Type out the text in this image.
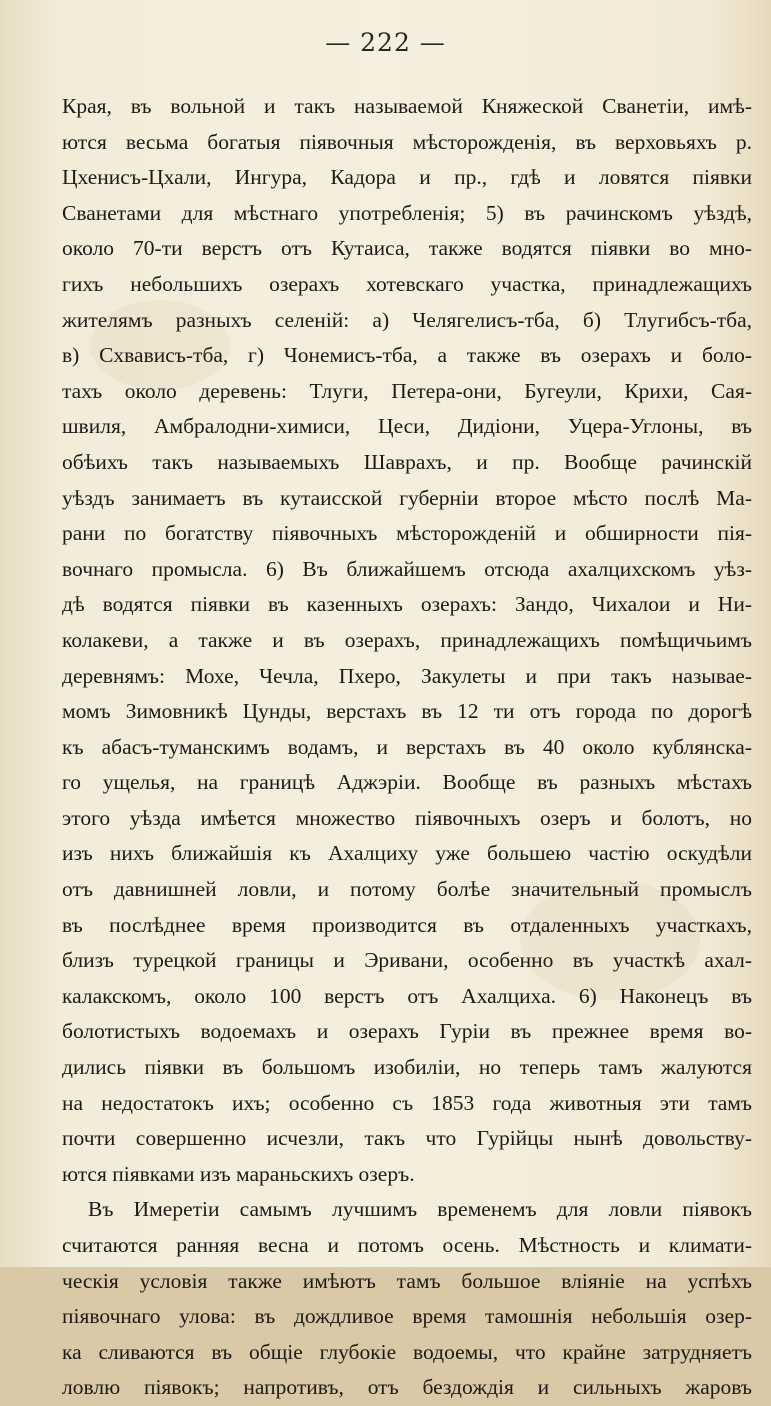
— 222 —
Края, въ вольной и такъ называемой Княжеской Сванетіи, имѣ-
ются весьма богатыя піявочныя мѣсторожденія, въ верховьяхъ р.
Цхенисъ-Цхали, Ингура, Кадора и пр., гдѣ и ловятся піявки
Сванетами для мѣстнаго употребленія; 5) въ рачинскомъ уѣздѣ,
около 70-ти верстъ отъ Кутаиса, также водятся піявки во мно-
гихъ небольшихъ озерахъ хотевскаго участка, принадлежащихъ
жителямъ разныхъ селеній: а) Челягелисъ-тба, б) Тлугибсъ-тба,
в) Схвависъ-тба, г) Чонемисъ-тба, а также въ озерахъ и боло-
тахъ около деревень: Тлуги, Петера-они, Бугеули, Крихи, Сая-
швиля, Амбралодни-химиси, Цеси, Дидіони, Уцера-Углоны, въ
обѣихъ такъ называемыхъ Шаврахъ, и пр. Вообще рачинскій
уѣздъ занимаетъ въ кутаисской губерніи второе мѣсто послѣ Ма-
рани по богатству піявочныхъ мѣсторожденій и обширности пія-
вочнаго промысла. 6) Въ ближайшемъ отсюда ахалцихскомъ уѣз-
дѣ водятся піявки въ казенныхъ озерахъ: Зандо, Чихалои и Ни-
колакеви, а также и въ озерахъ, принадлежащихъ помѣщичьимъ
деревнямъ: Мохе, Чечла, Пхеро, Закулеты и при такъ называе-
момъ Зимовникѣ Цунды, верстахъ въ 12 ти отъ города по дорогѣ
къ абасъ-туманскимъ водамъ, и верстахъ въ 40 около кублянска-
го ущелья, на границѣ Аджэріи. Вообще въ разныхъ мѣстахъ
этого уѣзда имѣется множество піявочныхъ озеръ и болотъ, но
изъ нихъ ближайшія къ Ахалциху уже большею частію оскудѣли
отъ давнишней ловли, и потому болѣе значительный промыслъ
въ послѣднее время производится въ отдаленныхъ участкахъ,
близъ турецкой границы и Эривани, особенно въ участкѣ ахал-
калакскомъ, около 100 верстъ отъ Ахалциха. 6) Наконецъ въ
болотистыхъ водоемахъ и озерахъ Гуріи въ прежнее время во-
дились піявки въ большомъ изобиліи, но теперь тамъ жалуются
на недостатокъ ихъ; особенно съ 1853 года животныя эти тамъ
почти совершенно исчезли, такъ что Гурійцы нынѣ довольству-
ются піявками изъ мараньскихъ озеръ.
Въ Имеретіи самымъ лучшимъ временемъ для ловли піявокъ
считаются ранняя весна и потомъ осень. Мѣстность и климати-
ческія условія также имѣютъ тамъ большое вліяніе на успѣхъ
піявочнаго улова: въ дождливое время тамошнія небольшія озер-
ка сливаются въ общіе глубокіе водоемы, что крайне затрудняетъ
ловлю піявокъ; напротивъ, отъ бездождія и сильныхъ жаровъ
